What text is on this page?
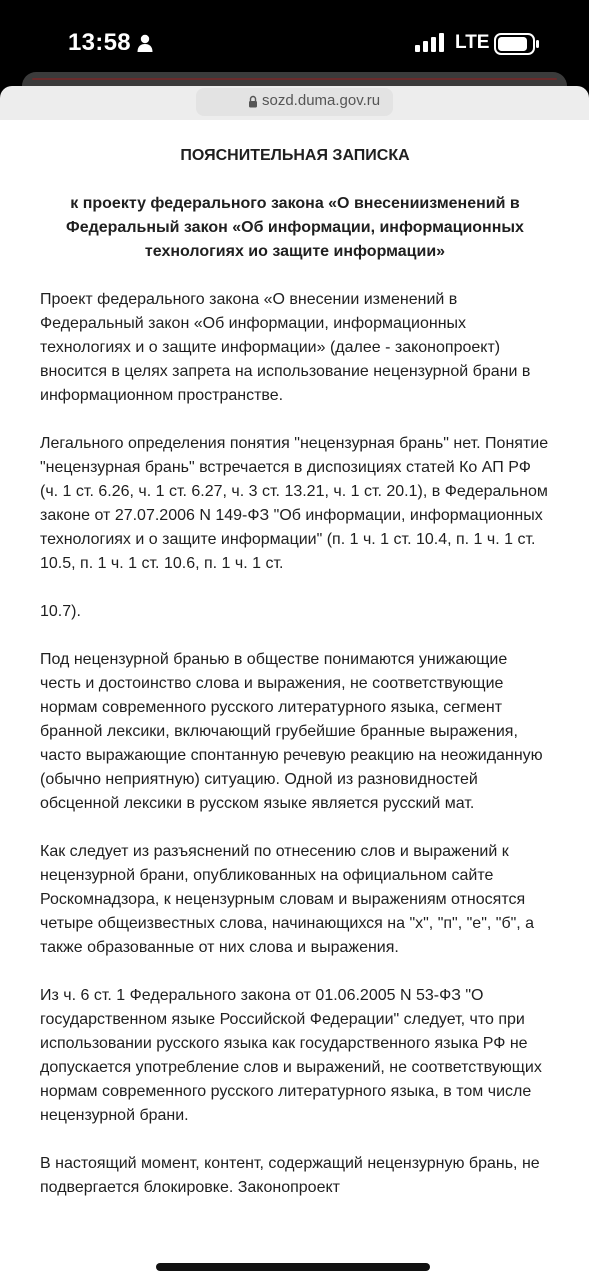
13:58	LTE
sozd.duma.gov.ru
ПОЯСНИТЕЛЬНАЯ ЗАПИСКА
к проекту федерального закона «О внесениизменений в Федеральный закон «Об информации, информационных технологиях ио защите информации»

Проект федерального закона «О внесении изменений в Федеральный закон «Об информации, информационных технологиях и о защите информации» (далее - законопроект) вносится в целях запрета на использование нецензурной брани в информационном пространстве.

Легального определения понятия "нецензурная брань" нет. Понятие "нецензурная брань" встречается в диспозициях статей Ко АП РФ (ч. 1 ст. 6.26, ч. 1 ст. 6.27, ч. 3 ст. 13.21, ч. 1 ст. 20.1), в Федеральном законе от 27.07.2006 N 149-ФЗ "Об информации, информационных технологиях и о защите информации" (п. 1 ч. 1 ст. 10.4, п. 1 ч. 1 ст. 10.5, п. 1 ч. 1 ст. 10.6, п. 1 ч. 1 ст.

10.7).

Под нецензурной бранью в обществе понимаются унижающие честь и достоинство слова и выражения, не соответствующие нормам современного русского литературного языка, сегмент бранной лексики, включающий грубейшие бранные выражения, часто выражающие спонтанную речевую реакцию на неожиданную (обычно неприятную) ситуацию. Одной из разновидностей обсценной лексики в русском языке является русский мат.

Как следует из разъяснений по отнесению слов и выражений к нецензурной брани, опубликованных на официальном сайте Роскомнадзора, к нецензурным словам и выражениям относятся четыре общеизвестных слова, начинающихся на "х", "п", "е", "б", а также образованные от них слова и выражения.

Из ч. 6 ст. 1 Федерального закона от 01.06.2005 N 53-ФЗ "О государственном языке Российской Федерации" следует, что при использовании русского языка как государственного языка РФ не допускается употребление слов и выражений, не соответствующих нормам современного русского литературного языка, в том числе нецензурной брани.

В настоящий момент, контент, содержащий нецензурную брань, не подвергается блокировке. Законопроект
